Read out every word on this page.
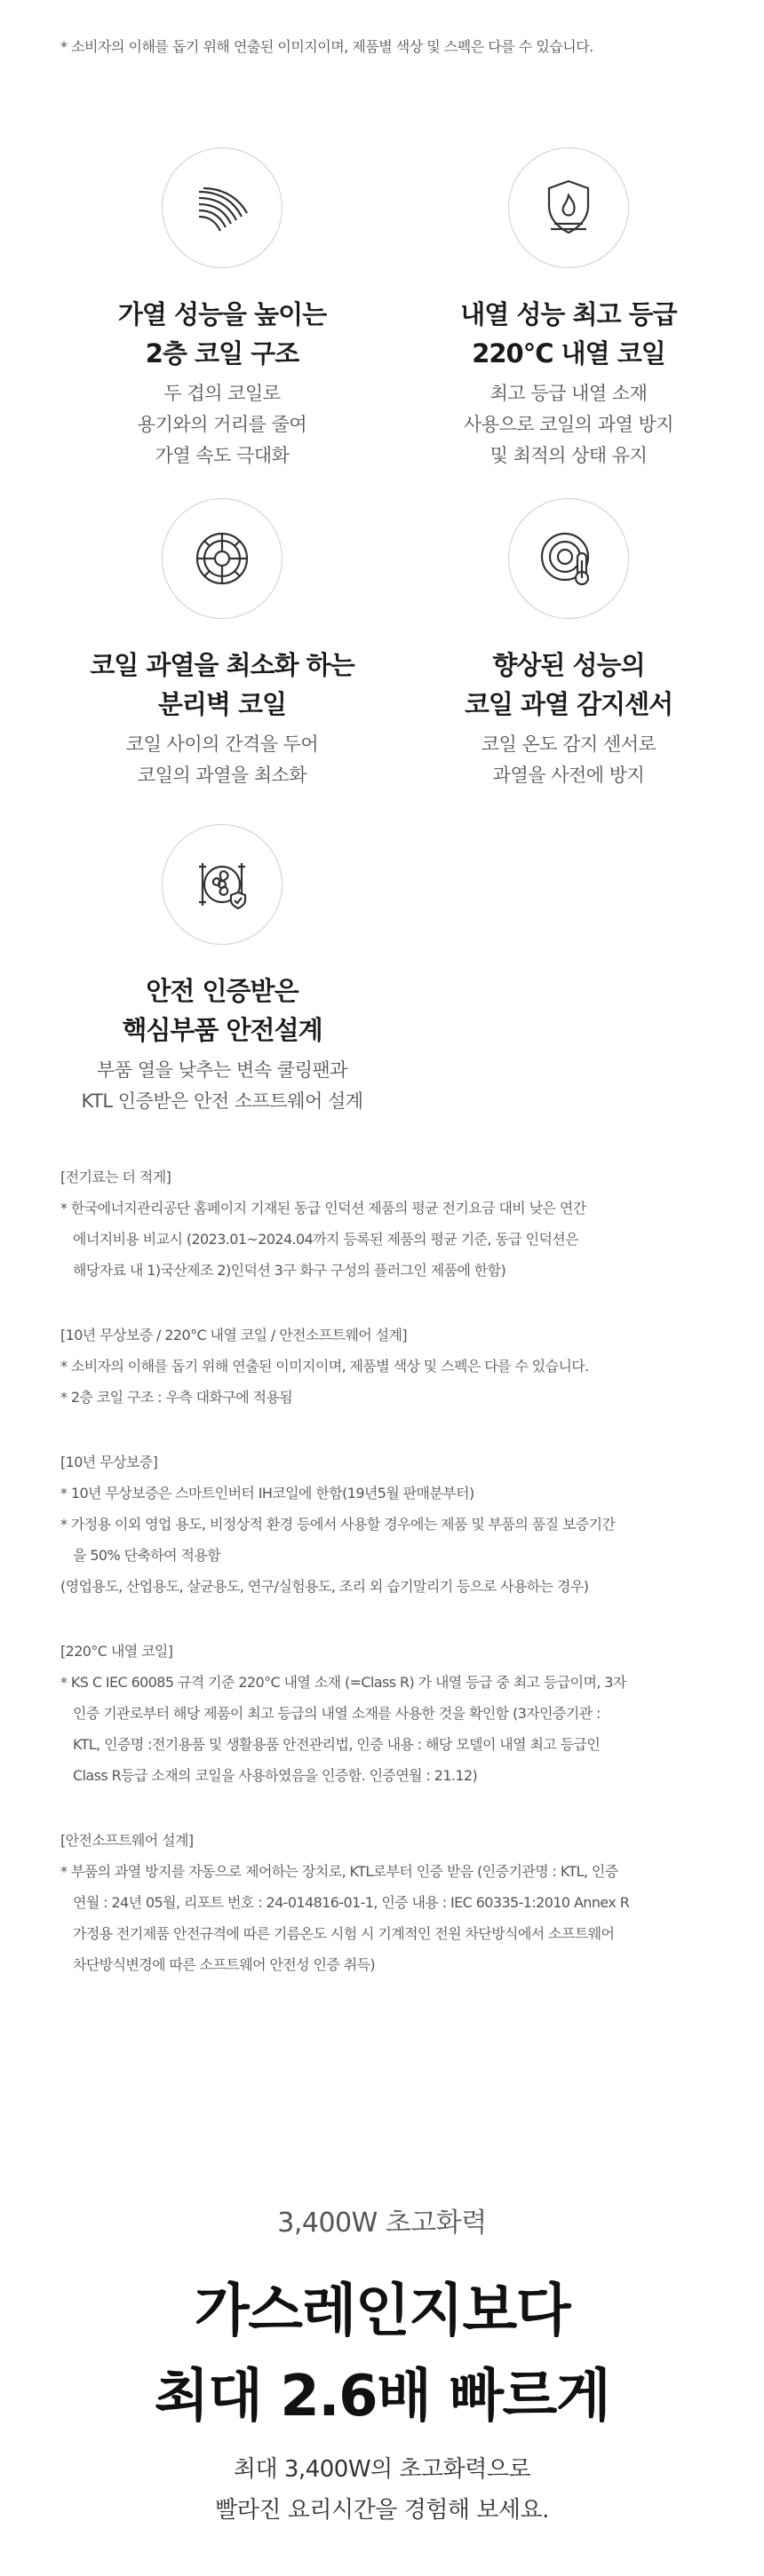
* 소비자의 이해를 돕기 위해 연출된 이미지이며, 제품별 색상 및 스펙은 다를 수 있습니다.
가열 성능을 높이는
2층 코일 구조
두 겹의 코일로
용기와의 거리를 줄여
가열 속도 극대화
내열 성능 최고 등급
220°C 내열 코일
최고 등급 내열 소재
사용으로 코일의 과열 방지
및 최적의 상태 유지
코일 과열을 최소화 하는
분리벽 코일
코일 사이의 간격을 두어
코일의 과열을 최소화
향상된 성능의
코일 과열 감지센서
코일 온도 감지 센서로
과열을 사전에 방지
안전 인증받은
핵심부품 안전설계
부품 열을 낮추는 변속 쿨링팬과
KTL 인증받은 안전 소프트웨어 설계
[전기료는 더 적게]
* 한국에너지관리공단 홈페이지 기재된 동급 인덕션 제품의 평균 전기요금 대비 낮은 연간
에너지비용 비교시 (2023.01~2024.04까지 등록된 제품의 평균 기준, 동급 인덕션은
해당자료 내 1)국산제조 2)인덕션 3구 화구 구성의 플러그인 제품에 한함)
[10년 무상보증 / 220°C 내열 코일 / 안전소프트웨어 설계]
* 소비자의 이해를 돕기 위해 연출된 이미지이며, 제품별 색상 및 스펙은 다를 수 있습니다.
* 2층 코일 구조 : 우측 대화구에 적용됨
[10년 무상보증]
* 10년 무상보증은 스마트인버터 IH코일에 한함(19년5월 판매분부터)
* 가정용 이외 영업 용도, 비정상적 환경 등에서 사용할 경우에는 제품 및 부품의 품질 보증기간
을 50% 단축하여 적용함
(영업용도, 산업용도, 살균용도, 연구/실험용도, 조리 외 습기말리기 등으로 사용하는 경우)
[220°C 내열 코일]
* KS C IEC 60085 규격 기준 220°C 내열 소재 (=Class R) 가 내열 등급 중 최고 등급이며, 3자
인증 기관로부터 해당 제품이 최고 등급의 내열 소재를 사용한 것을 확인함 (3자인증기관 :
KTL, 인증명 :전기용품 및 생활용품 안전관리법, 인증 내용 : 해당 모델이 내열 최고 등급인
Class R등급 소재의 코일을 사용하였음을 인증함. 인증연월 : 21.12)
[안전소프트웨어 설계]
* 부품의 과열 방지를 자동으로 제어하는 장치로, KTL로부터 인증 받음 (인증기관명 : KTL, 인증
연월 : 24년 05월, 리포트 번호 : 24-014816-01-1, 인증 내용 : IEC 60335-1:2010 Annex R
가정용 전기제품 안전규격에 따른 기름온도 시험 시 기계적인 전원 차단방식에서 소프트웨어
차단방식변경에 따른 소프트웨어 안전성 인증 취득)
3,400W 초고화력
가스레인지보다
최대 2.6배 빠르게
최대 3,400W의 초고화력으로
빨라진 요리시간을 경험해 보세요.
